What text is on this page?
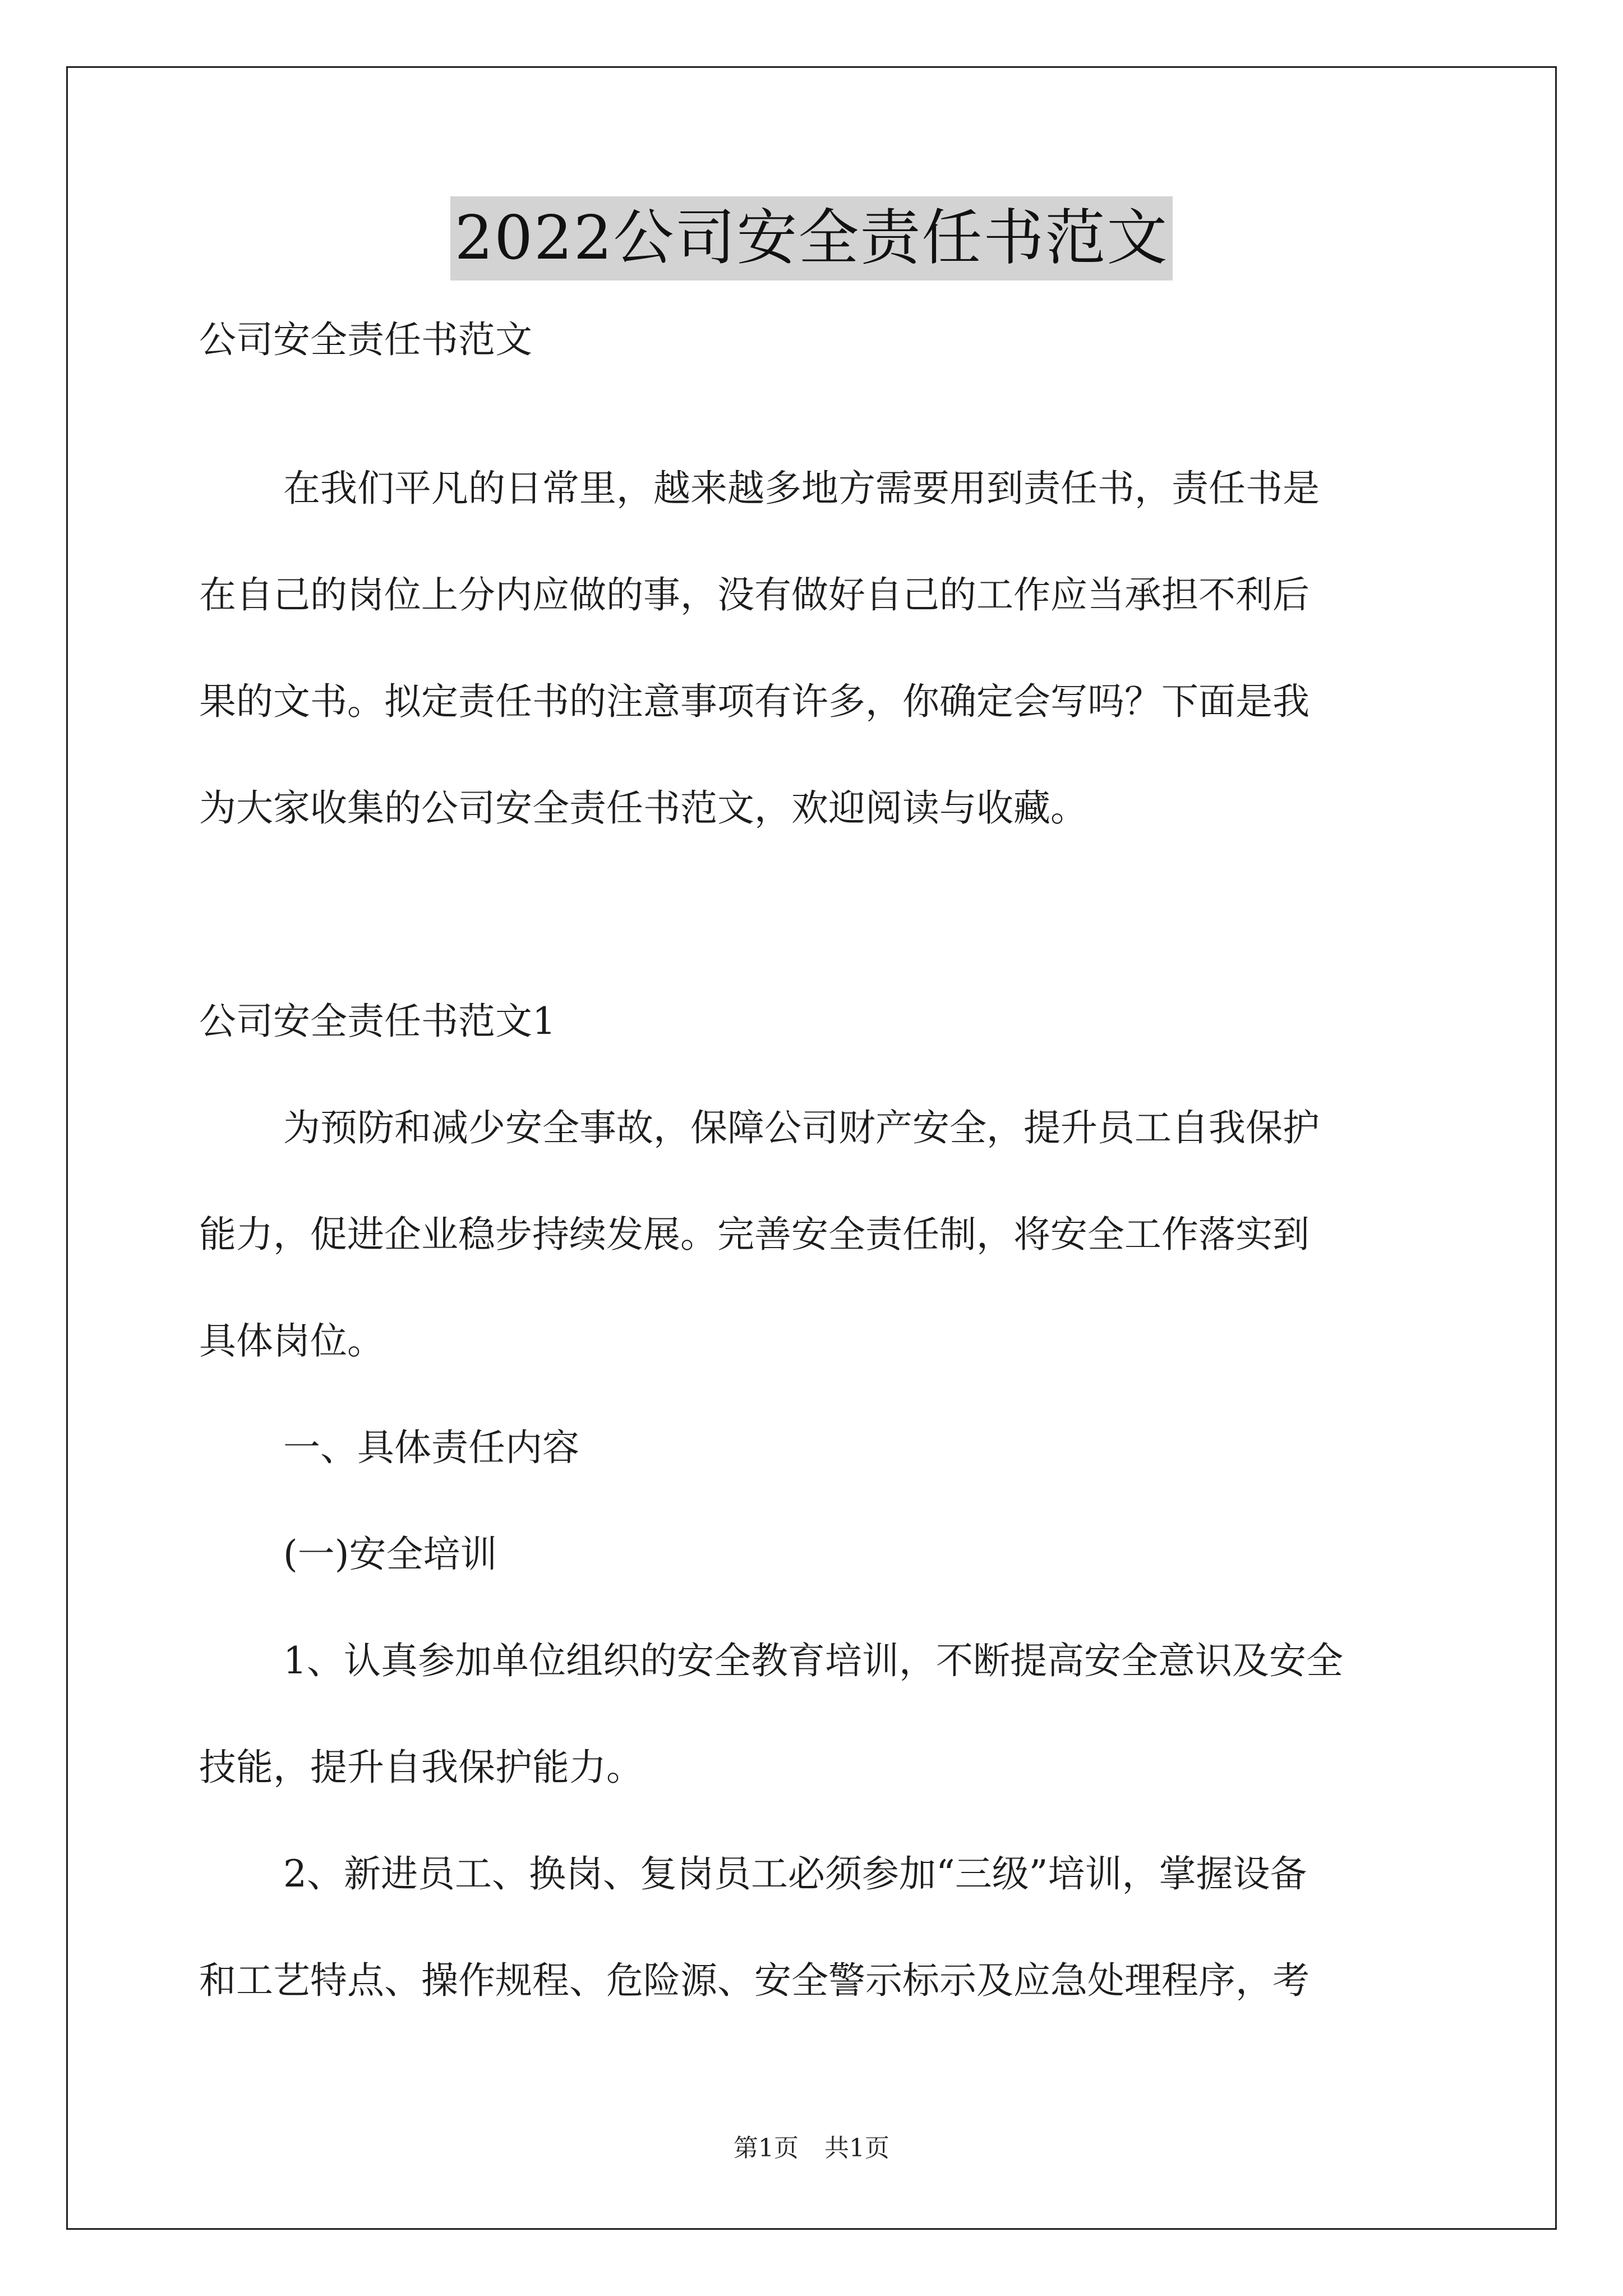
2022公司安全责任书范文
公司安全责任书范文
在我们平凡的日常里，越来越多地方需要用到责任书，责任书是
在自己的岗位上分内应做的事，没有做好自己的工作应当承担不利后
果的文书。拟定责任书的注意事项有许多，你确定会写吗？下面是我
为大家收集的公司安全责任书范文，欢迎阅读与收藏。
公司安全责任书范文1
为预防和减少安全事故，保障公司财产安全，提升员工自我保护
能力，促进企业稳步持续发展。完善安全责任制，将安全工作落实到
具体岗位。
一、具体责任内容
(一)安全培训
1、认真参加单位组织的安全教育培训，不断提高安全意识及安全
技能，提升自我保护能力。
2、新进员工、换岗、复岗员工必须参加“三级”培训，掌握设备
和工艺特点、操作规程、危险源、安全警示标示及应急处理程序，考
第1页 共1页
